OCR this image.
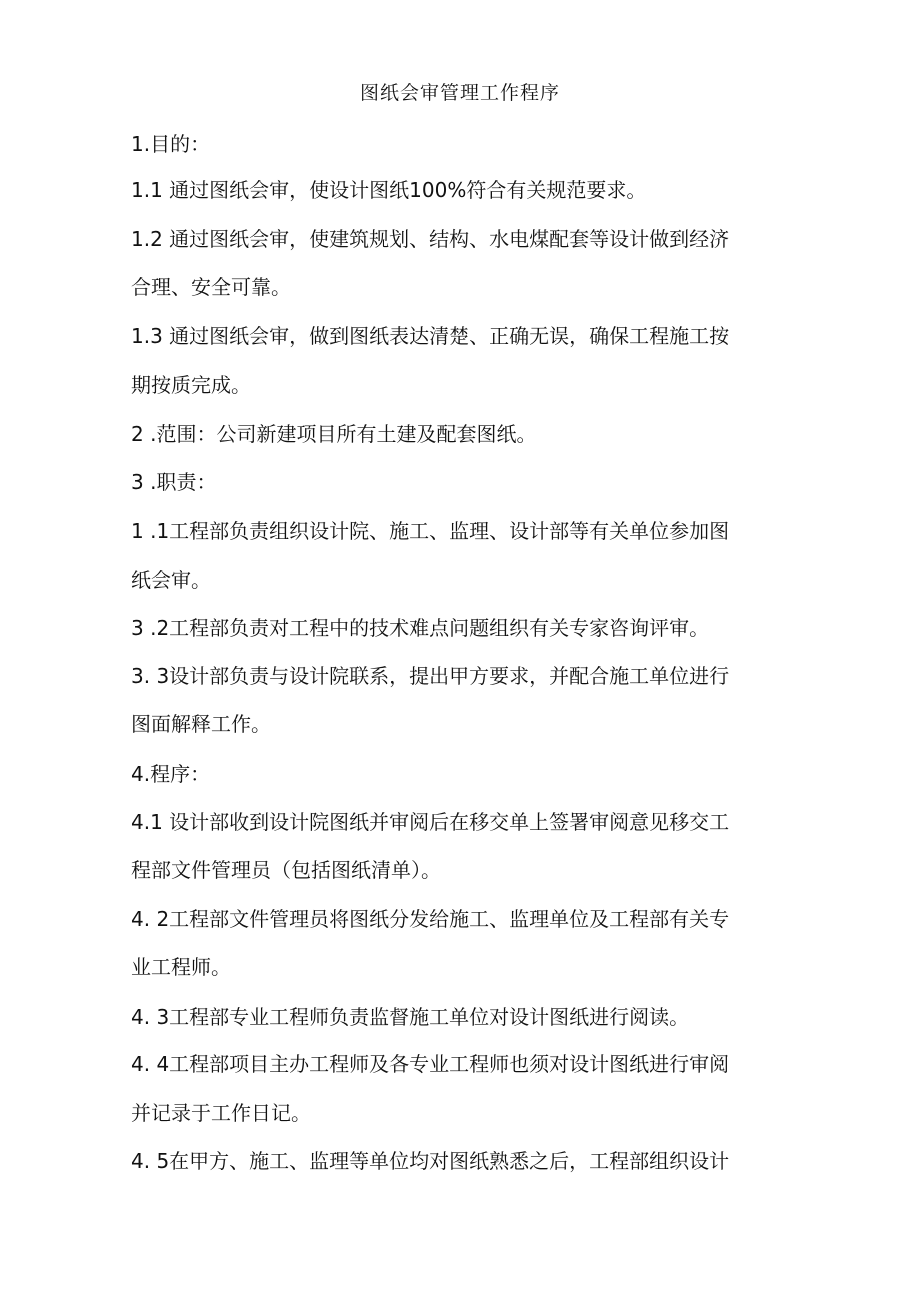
图纸会审管理工作程序
1.目的：
1.1 通过图纸会审，使设计图纸100%符合有关规范要求。
1.2 通过图纸会审，使建筑规划、结构、水电煤配套等设计做到经济
合理、安全可靠。
1.3 通过图纸会审，做到图纸表达清楚、正确无误，确保工程施工按
期按质完成。
2 .范围：公司新建项目所有土建及配套图纸。
3 .职责：
1 .1工程部负责组织设计院、施工、监理、设计部等有关单位参加图
纸会审。
3 .2工程部负责对工程中的技术难点问题组织有关专家咨询评审。
3. 3设计部负责与设计院联系，提出甲方要求，并配合施工单位进行
图面解释工作。
4.程序：
4.1 设计部收到设计院图纸并审阅后在移交单上签署审阅意见移交工
程部文件管理员（包括图纸清单）。
4. 2工程部文件管理员将图纸分发给施工、监理单位及工程部有关专
业工程师。
4. 3工程部专业工程师负责监督施工单位对设计图纸进行阅读。
4. 4工程部项目主办工程师及各专业工程师也须对设计图纸进行审阅
并记录于工作日记。
4. 5在甲方、施工、监理等单位均对图纸熟悉之后，工程部组织设计
